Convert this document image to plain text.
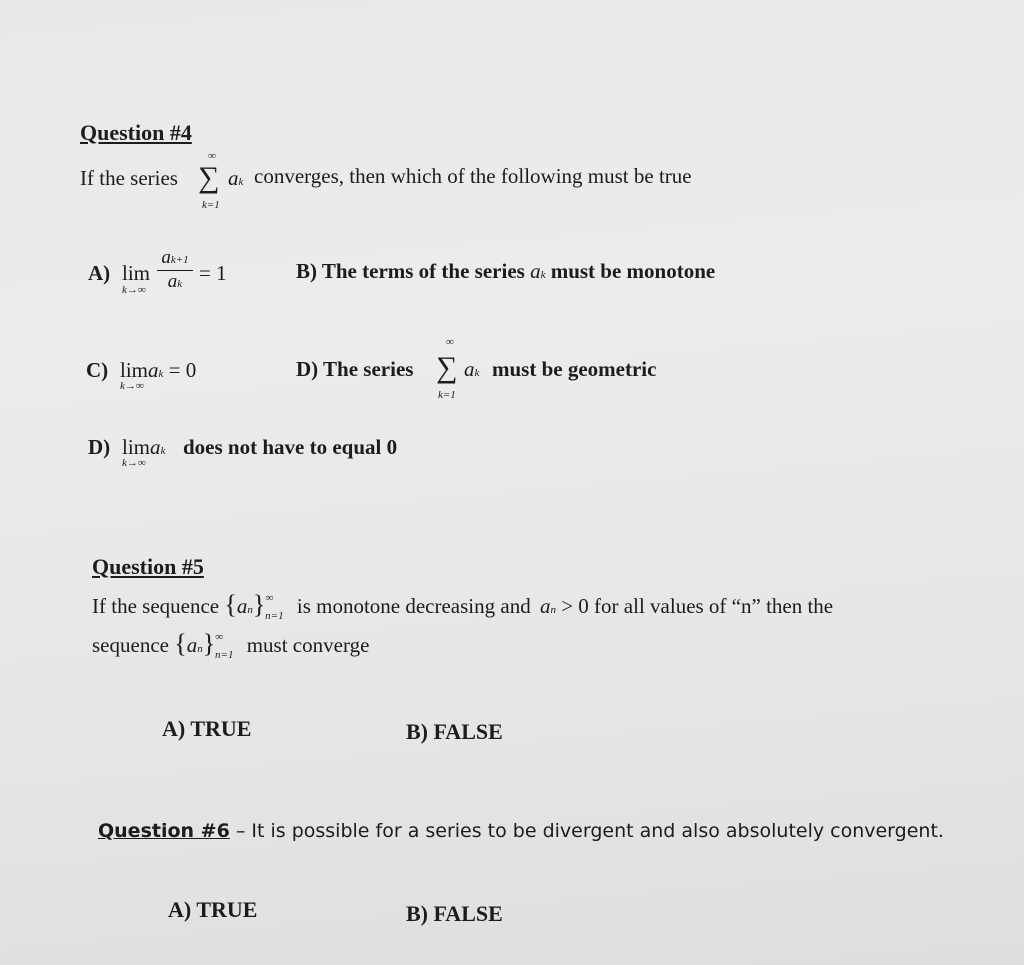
Question #4
If the series
∞
∑
k=1
ak converges, then which of the following must be true
A) lim
$k\to\infty \frac{ak+1}{ak} = 1$	B) The terms of the series ak must be monotone
C) limak = 0
k→∞
D) The series
∞
∑
k=1
ak must be geometric
D) limak
k→∞
does not have to equal 0
Question #5
If the sequence $\{an\}^\infty_{n=1}$ is monotone decreasing and an > 0 for all values of “n” then the
sequence $\{an\}^\infty_{n=1}$ must converge
A) TRUE	B) FALSE
Question #6 – It is possible for a series to be divergent and also absolutely convergent.
A) TRUE	B) FALSE
